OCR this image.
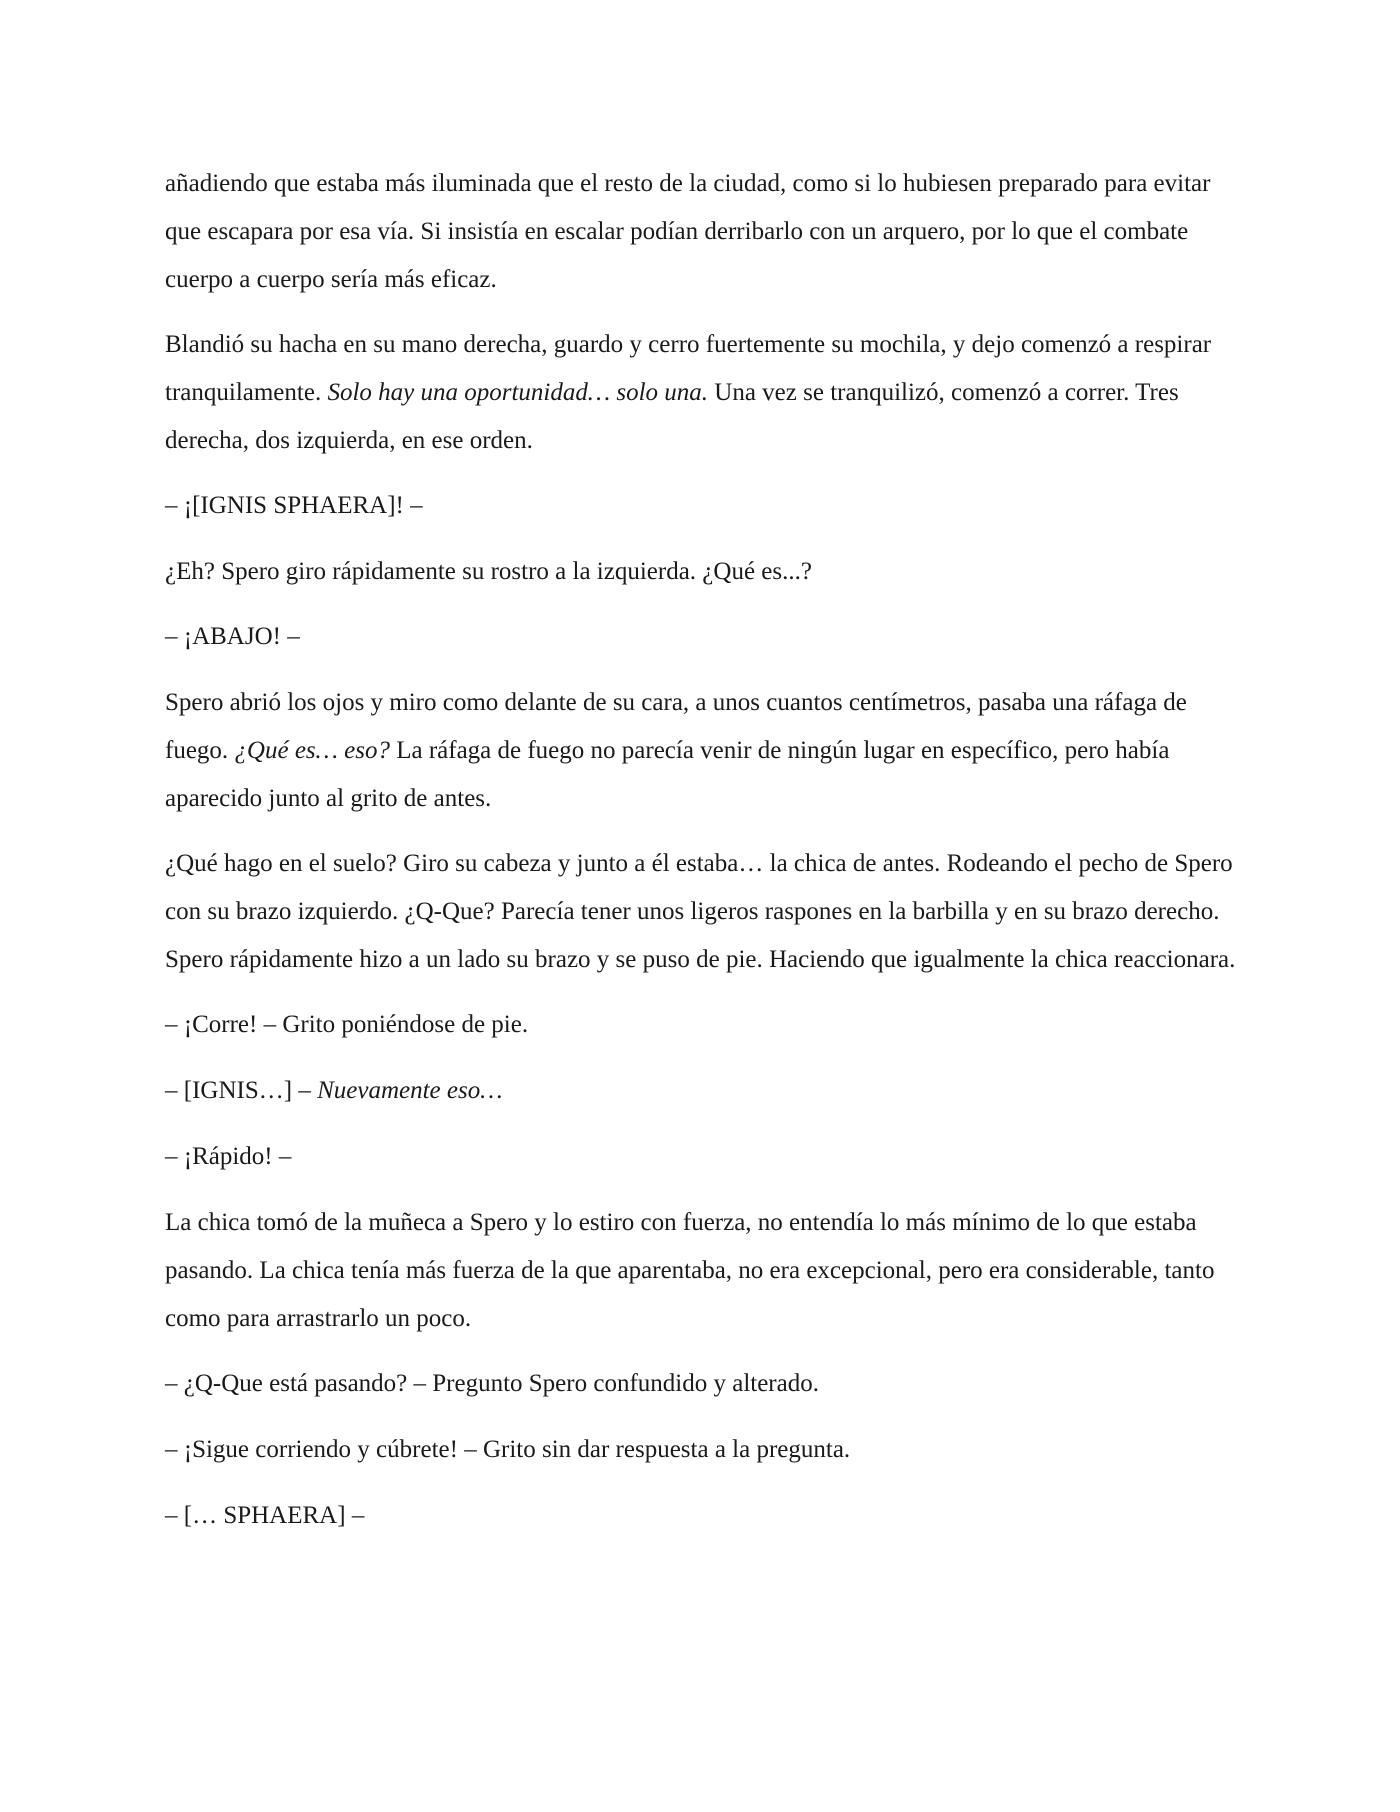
añadiendo que estaba más iluminada que el resto de la ciudad, como si lo hubiesen preparado para evitar que escapara por esa vía. Si insistía en escalar podían derribarlo con un arquero, por lo que el combate cuerpo a cuerpo sería más eficaz.

Blandió su hacha en su mano derecha, guardo y cerro fuertemente su mochila, y dejo comenzó a respirar tranquilamente. Solo hay una oportunidad… solo una. Una vez se tranquilizó, comenzó a correr. Tres derecha, dos izquierda, en ese orden.

– ¡[IGNIS SPHAERA]! –

¿Eh? Spero giro rápidamente su rostro a la izquierda. ¿Qué es...?

– ¡ABAJO! –

Spero abrió los ojos y miro como delante de su cara, a unos cuantos centímetros, pasaba una ráfaga de fuego. ¿Qué es… eso? La ráfaga de fuego no parecía venir de ningún lugar en específico, pero había aparecido junto al grito de antes.

¿Qué hago en el suelo? Giro su cabeza y junto a él estaba… la chica de antes. Rodeando el pecho de Spero con su brazo izquierdo. ¿Q-Que? Parecía tener unos ligeros raspones en la barbilla y en su brazo derecho. Spero rápidamente hizo a un lado su brazo y se puso de pie. Haciendo que igualmente la chica reaccionara.

– ¡Corre! – Grito poniéndose de pie.

– [IGNIS…] – Nuevamente eso…

– ¡Rápido! –

La chica tomó de la muñeca a Spero y lo estiro con fuerza, no entendía lo más mínimo de lo que estaba pasando. La chica tenía más fuerza de la que aparentaba, no era excepcional, pero era considerable, tanto como para arrastrarlo un poco.

– ¿Q-Que está pasando? – Pregunto Spero confundido y alterado.

– ¡Sigue corriendo y cúbrete! – Grito sin dar respuesta a la pregunta.

– [… SPHAERA] –
